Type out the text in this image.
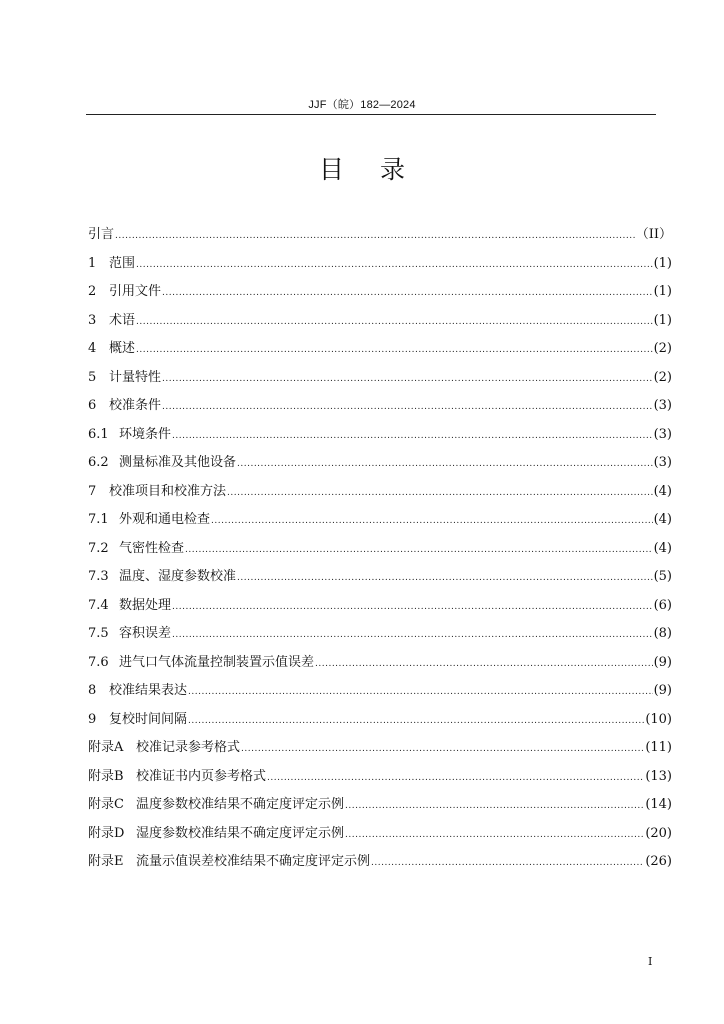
JJF（皖）182—2024
目录
引言 .....	（II）
1 范围 .....	(1)
2 引用文件 .....	(1)
3 术语 .....	(1)
4 概述 .....	(2)
5 计量特性 .....	(2)
6 校准条件 .....	(3)
6.1 环境条件 .....	(3)
6.2 测量标准及其他设备 .....	(3)
7 校准项目和校准方法 .....	(4)
7.1 外观和通电检查 .....	(4)
7.2 气密性检查 .....	(4)
7.3 温度、湿度参数校准 .....	(5)
7.4 数据处理 .....	(6)
7.5 容积误差 .....	(8)
7.6 进气口气体流量控制装置示值误差 .....	(9)
8 校准结果表达 .....	(9)
9 复校时间间隔 .....	(10)
附录A 校准记录参考格式 .....	(11)
附录B 校准证书内页参考格式 .....	(13)
附录C 温度参数校准结果不确定度评定示例 .....	(14)
附录D 湿度参数校准结果不确定度评定示例 .....	(20)
附录E 流量示值误差校准结果不确定度评定示例 .....	(26)
I
